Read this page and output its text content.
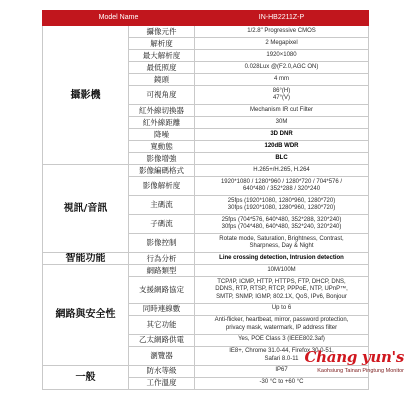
Model Name		IN-HB2211Z-P
攝影機	攝像元件	1/2.8" Progressive CMOS

	解析度	2 Megapixel

	最大解析度	1920×1080

	最低照度	0.028Lux @(F2.0,AGC ON)

	鏡頭	4 mm

	可視角度	86°(H)
47°(V)

	紅外線切換器	Mechanism IR cut Filter

	紅外線距離	30M

	降噪	3D DNR

	寬動態	120dB WDR

	影像增強	BLC

視訊/音訊	影像編碼格式	H.265+/H.265, H.264

	影像解析度	1920*1080 / 1280*960 / 1280*720 / 704*576 /
640*480 / 352*288 / 320*240

	主碼流	25fps (1920*1080, 1280*960, 1280*720)
30fps (1920*1080, 1280*960, 1280*720)

	子碼流	25fps (704*576, 640*480, 352*288, 320*240)
30fps (704*480, 640*480, 352*240, 320*240)

	影像控制	Rotate mode, Saturation, Brightness, Contrast,
Sharpness, Day & Night

智能功能	行為分析	Line crossing detection, Intrusion detection

網路與安全性	網路類型	10M/100M

	支援網路協定	TCP/IP, ICMP, HTTP, HTTPS, FTP, DHCP, DNS,
DDNS, RTP, RTSP, RTCP, PPPoE, NTP, UPnP™,
SMTP, SNMP, IGMP, 802.1X, QoS, IPv6, Bonjour

	同時連線數	Up to 6

	其它功能	Anti-flicker, heartbeat, mirror, password protection,
privacy mask, watermark, IP address filter

	乙太網路供電	Yes, POE Class 3 (IEEE802.3af)

	瀏覽器	IE8+, Chrome 31.0-44, Firefox 30.0-51,
Safari 8.0-11

一般	防水等級	IP67

	工作溫度	-30 °C to +60 °C
Chang yun's
Kaohsiung Tainan Pingtung Monitor
